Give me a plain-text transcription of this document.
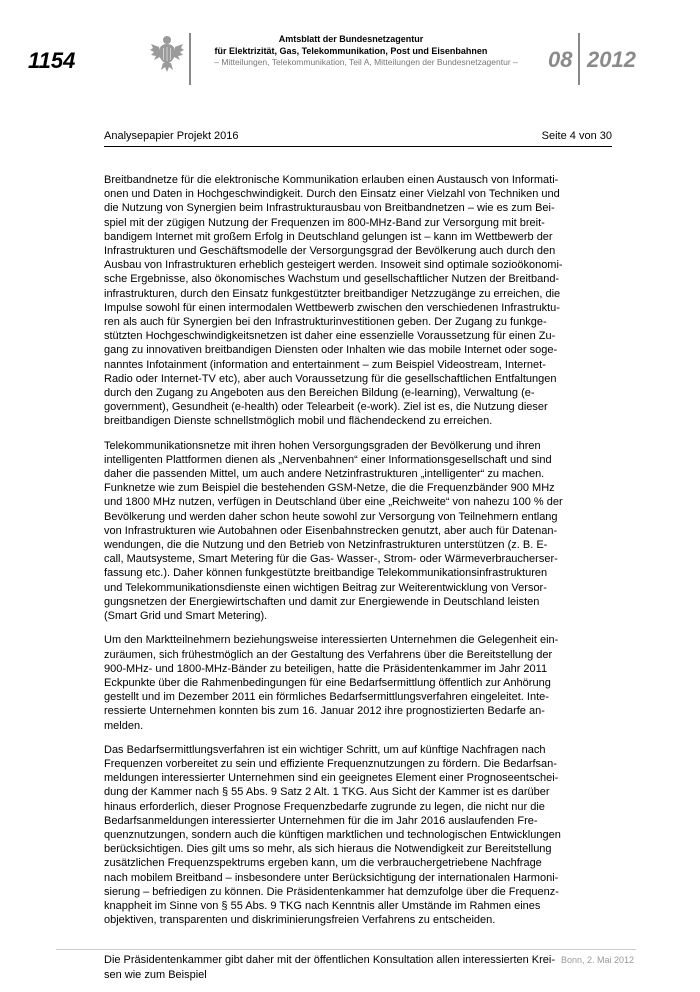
1154
Amtsblatt der Bundesnetzagentur
für Elektrizität, Gas, Telekommunikation, Post und Eisenbahnen
– Mitteilungen, Telekommunikation, Teil A, Mitteilungen der Bundesnetzagentur –	08 2012
Analysepapier Projekt 2016	Seite 4 von 30

Breitbandnetze für die elektronische Kommunikation erlauben einen Austausch von Informati-
onen und Daten in Hochgeschwindigkeit. Durch den Einsatz einer Vielzahl von Techniken und
die Nutzung von Synergien beim Infrastrukturausbau von Breitbandnetzen – wie es zum Bei-
spiel mit der zügigen Nutzung der Frequenzen im 800-MHz-Band zur Versorgung mit breit-
bandigem Internet mit großem Erfolg in Deutschland gelungen ist – kann im Wettbewerb der
Infrastrukturen und Geschäftsmodelle der Versorgungsgrad der Bevölkerung auch durch den
Ausbau von Infrastrukturen erheblich gesteigert werden. Insoweit sind optimale sozioökonomi-
sche Ergebnisse, also ökonomisches Wachstum und gesellschaftlicher Nutzen der Breitband-
infrastrukturen, durch den Einsatz funkgestützter breitbandiger Netzzugänge zu erreichen, die
Impulse sowohl für einen intermodalen Wettbewerb zwischen den verschiedenen Infrastruktu-
ren als auch für Synergien bei den Infrastrukturinvestitionen geben. Der Zugang zu funkge-
stützten Hochgeschwindigkeitsnetzen ist daher eine essenzielle Voraussetzung für einen Zu-
gang zu innovativen breitbandigen Diensten oder Inhalten wie das mobile Internet oder soge-
nanntes Infotainment (information and entertainment – zum Beispiel Videostream, Internet-
Radio oder Internet-TV etc), aber auch Voraussetzung für die gesellschaftlichen Entfaltungen
durch den Zugang zu Angeboten aus den Bereichen Bildung (e-learning), Verwaltung (e-
government), Gesundheit (e-health) oder Telearbeit (e-work). Ziel ist es, die Nutzung dieser
breitbandigen Dienste schnellstmöglich mobil und flächendeckend zu erreichen.

Telekommunikationsnetze mit ihren hohen Versorgungsgraden der Bevölkerung und ihren
intelligenten Plattformen dienen als „Nervenbahnen“ einer Informationsgesellschaft und sind
daher die passenden Mittel, um auch andere Netzinfrastrukturen „intelligenter“ zu machen.
Funknetze wie zum Beispiel die bestehenden GSM-Netze, die die Frequenzbänder 900 MHz
und 1800 MHz nutzen, verfügen in Deutschland über eine „Reichweite“ von nahezu 100 % der
Bevölkerung und werden daher schon heute sowohl zur Versorgung von Teilnehmern entlang
von Infrastrukturen wie Autobahnen oder Eisenbahnstrecken genutzt, aber auch für Datenan-
wendungen, die die Nutzung und den Betrieb von Netzinfrastrukturen unterstützen (z. B. E-
call, Mautsysteme, Smart Metering für die Gas- Wasser-, Strom- oder Wärmeverbraucherser-
fassung etc.). Daher können funkgestützte breitbandige Telekommunikationsinfrastrukturen
und Telekommunikationsdienste einen wichtigen Beitrag zur Weiterentwicklung von Versor-
gungsnetzen der Energiewirtschaften und damit zur Energiewende in Deutschland leisten
(Smart Grid und Smart Metering).

Um den Marktteilnehmern beziehungsweise interessierten Unternehmen die Gelegenheit ein-
zuräumen, sich frühestmöglich an der Gestaltung des Verfahrens über die Bereitstellung der
900-MHz- und 1800-MHz-Bänder zu beteiligen, hatte die Präsidentenkammer im Jahr 2011
Eckpunkte über die Rahmenbedingungen für eine Bedarfsermittlung öffentlich zur Anhörung
gestellt und im Dezember 2011 ein förmliches Bedarfsermittlungsverfahren eingeleitet. Inte-
ressierte Unternehmen konnten bis zum 16. Januar 2012 ihre prognostizierten Bedarfe an-
melden.

Das Bedarfsermittlungsverfahren ist ein wichtiger Schritt, um auf künftige Nachfragen nach
Frequenzen vorbereitet zu sein und effiziente Frequenznutzungen zu fördern. Die Bedarfsan-
meldungen interessierter Unternehmen sind ein geeignetes Element einer Prognoseentschei-
dung der Kammer nach § 55 Abs. 9 Satz 2 Alt. 1 TKG. Aus Sicht der Kammer ist es darüber
hinaus erforderlich, dieser Prognose Frequenzbedarfe zugrunde zu legen, die nicht nur die
Bedarfsanmeldungen interessierter Unternehmen für die im Jahr 2016 auslaufenden Fre-
quenznutzungen, sondern auch die künftigen marktlichen und technologischen Entwicklungen
berücksichtigen. Dies gilt ums so mehr, als sich hieraus die Notwendigkeit zur Bereitstellung
zusätzlichen Frequenzspektrums ergeben kann, um die verbrauchergetriebene Nachfrage
nach mobilem Breitband – insbesondere unter Berücksichtigung der internationalen Harmoni-
sierung – befriedigen zu können. Die Präsidentenkammer hat demzufolge über die Frequenz-
knappheit im Sinne von § 55 Abs. 9 TKG nach Kenntnis aller Umstände im Rahmen eines
objektiven, transparenten und diskriminierungsfreien Verfahrens zu entscheiden.

Die Präsidentenkammer gibt daher mit der öffentlichen Konsultation allen interessierten Krei-
sen wie zum Beispiel

Bonn, 2. Mai 2012
